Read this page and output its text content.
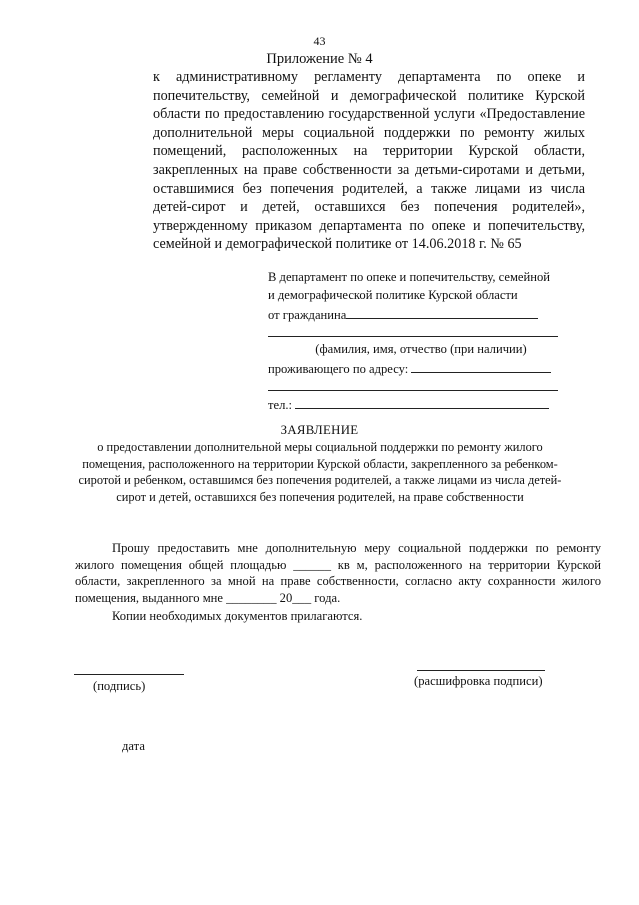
43
Приложение № 4
к административному регламенту департамента по опеке и попечительству, семейной и демографической политике Курской области по предоставлению государственной услуги «Предоставление дополнительной меры социальной поддержки по ремонту жилых помещений, расположенных на территории Курской области, закрепленных на праве собственности за детьми-сиротами и детьми, оставшимися без попечения родителей, а также лицами из числа детей-сирот и детей, оставшихся без попечения родителей», утвержденному приказом департамента по опеке и попечительству, семейной и демографической политике от 14.06.2018 г. № 65
В департамент по опеке и попечительству, семейной
и демографической политике Курской области
от гражданина
(фамилия, имя, отчество (при наличии)
проживающего по адресу:
тел.:
ЗАЯВЛЕНИЕ
о предоставлении дополнительной меры социальной поддержки по ремонту жилого помещения, расположенного на территории Курской области, закрепленного за ребенком-сиротой и ребенком, оставшимся без попечения родителей, а также лицами из числа детей-сирот и детей, оставшихся без попечения родителей, на праве собственности

Прошу предоставить мне дополнительную меру социальной поддержки по ремонту жилого помещения общей площадью ______ кв м, расположенного на территории Курской области, закрепленного за мной на праве собственности, согласно акту сохранности жилого помещения, выданного мне ________ 20___ года.

Копии необходимых документов прилагаются.

(подпись)	(расшифровка подписи)
дата
